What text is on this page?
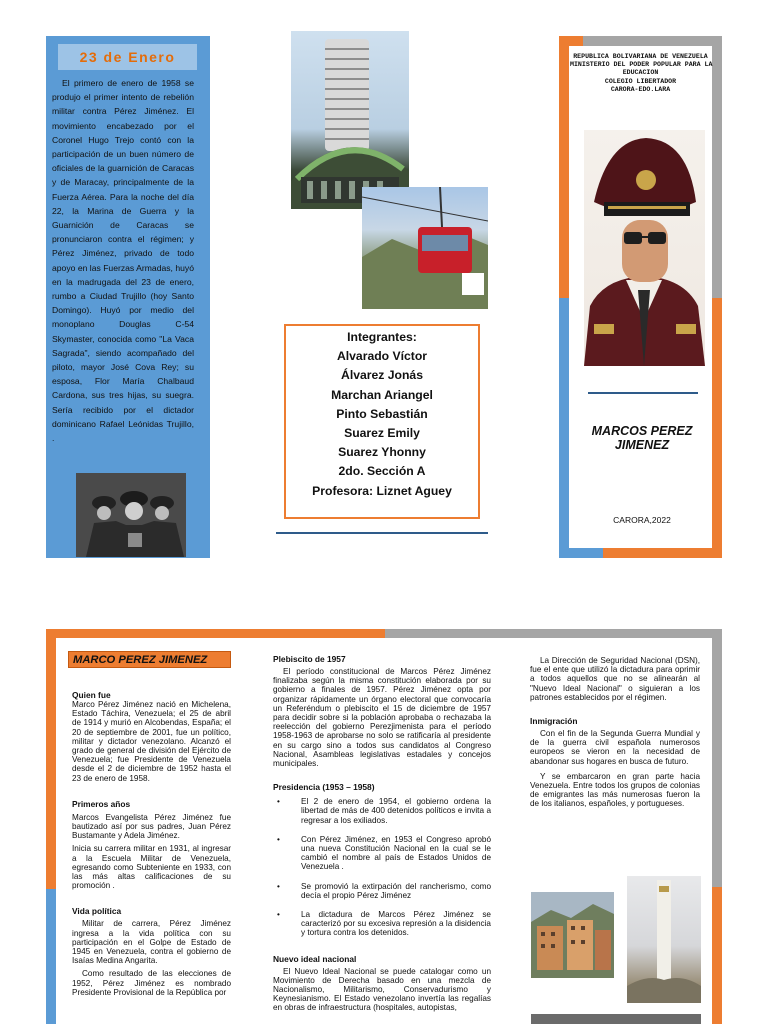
23 de Enero
El primero de enero de 1958 se produjo el primer intento de rebelión militar contra Pérez Jiménez. El movimiento encabezado por el Coronel Hugo Trejo contó con la participación de un buen número de oficiales de la guarnición de Caracas y de Maracay, principalmente de la Fuerza Aérea. Para la noche del día 22, la Marina de Guerra y la Guarnición de Caracas se pronunciaron contra el régimen; y Pérez Jiménez, privado de todo apoyo en las Fuerzas Armadas, huyó en la madrugada del 23 de enero, rumbo a Ciudad Trujillo (hoy Santo Domingo). Huyó por medio del monoplano Douglas C-54 Skymaster, conocida como "La Vaca Sagrada", siendo acompañado del piloto, mayor José Cova Rey; su esposa, Flor María Chalbaud Cardona, sus tres hijas, su suegra. Sería recibido por el dictador dominicano Rafael Leónidas Trujillo, .
Integrantes:
Alvarado Víctor
Álvarez Jonás
Marchan Ariangel
Pinto Sebastián
Suarez Emily
Suarez Yhonny
2do. Sección A
Profesora: Liznet Aguey
REPUBLICA BOLIVARIANA DE VENEZUELA
MINISTERIO DEL PODER POPULAR PARA LA
EDUCACION
COLEGIO LIBERTADOR
CARORA-EDO.LARA
MARCOS PEREZ
JIMENEZ
CARORA,2022
MARCO PEREZ JIMENEZ
Quien fue

Marco Pérez Jiménez nació en Michelena, Estado Táchira, Venezuela; el 25 de abril de 1914 y murió en Alcobendas, España; el 20 de septiembre de 2001, fue un político, militar y dictador venezolano. Alcanzó el grado de general de división del Ejército de Venezuela; fue Presidente de Venezuela desde el 2 de diciembre de 1952 hasta el 23 de enero de 1958.

Primeros años

Marcos Evangelista Pérez Jiménez fue bautizado así por sus padres, Juan Pérez Bustamante y Adela Jiménez.

Inicia su carrera militar en 1931, al ingresar a la Escuela Militar de Venezuela, egresando como Subteniente en 1933, con las más altas calificaciones de su promoción .

Vida política

Militar de carrera, Pérez Jiménez ingresa a la vida política con su participación en el Golpe de Estado de 1945 en Venezuela, contra el gobierno de Isaías Medina Angarita.

Como resultado de las elecciones de 1952, Pérez Jiménez es nombrado Presidente Provisional de la República por

Plebiscito de 1957

El período constitucional de Marcos Pérez Jiménez finalizaba según la misma constitución elaborada por su gobierno a finales de 1957. Pérez Jiménez opta por organizar rápidamente un órgano electoral que convocaría un Referéndum o plebiscito el 15 de diciembre de 1957 para decidir sobre si la población aprobaba o rechazaba la reelección del gobierno Perezjimenista para el período 1958-1963 de aprobarse no solo se ratificaría al presidente en su cargo sino a todos sus candidatos al Congreso Nacional, Asambleas legislativas estadales y concejos municipales.

Presidencia (1953 – 1958)
•	El 2 de enero de 1954, el gobierno ordena la libertad de más de 400 detenidos políticos e invita a regresar a los exiliados.
•	Con Pérez Jiménez, en 1953 el Congreso aprobó una nueva Constitución Nacional en la cual se le cambió el nombre al país de Estados Unidos de Venezuela .
•	Se promovió la extirpación del rancherismo, como decía el propio Pérez Jiménez
•	La dictadura de Marcos Pérez Jiménez se caracterizó por su excesiva represión a la disidencia y tortura contra los detenidos.
Nuevo ideal nacional

El Nuevo Ideal Nacional se puede catalogar como un Movimiento de Derecha basado en una mezcla de Nacionalismo, Militarismo, Conservadurismo y Keynesianismo. El Estado venezolano invertía las regalías en obras de infraestructura (hospitales, autopistas,

La Dirección de Seguridad Nacional (DSN), fue el ente que utilizó la dictadura para oprimir a todos aquellos que no se alinearán al "Nuevo Ideal Nacional" o siguieran a los patrones establecidos por el régimen.

Inmigración

Con el fin de la Segunda Guerra Mundial y de la guerra civil española numerosos europeos se vieron en la necesidad de abandonar sus hogares en busca de futuro.

Y se embarcaron en gran parte hacia Venezuela. Entre todos los grupos de colonias de emigrantes las más numerosas fueron la de los italianos, españoles, y portugueses.
